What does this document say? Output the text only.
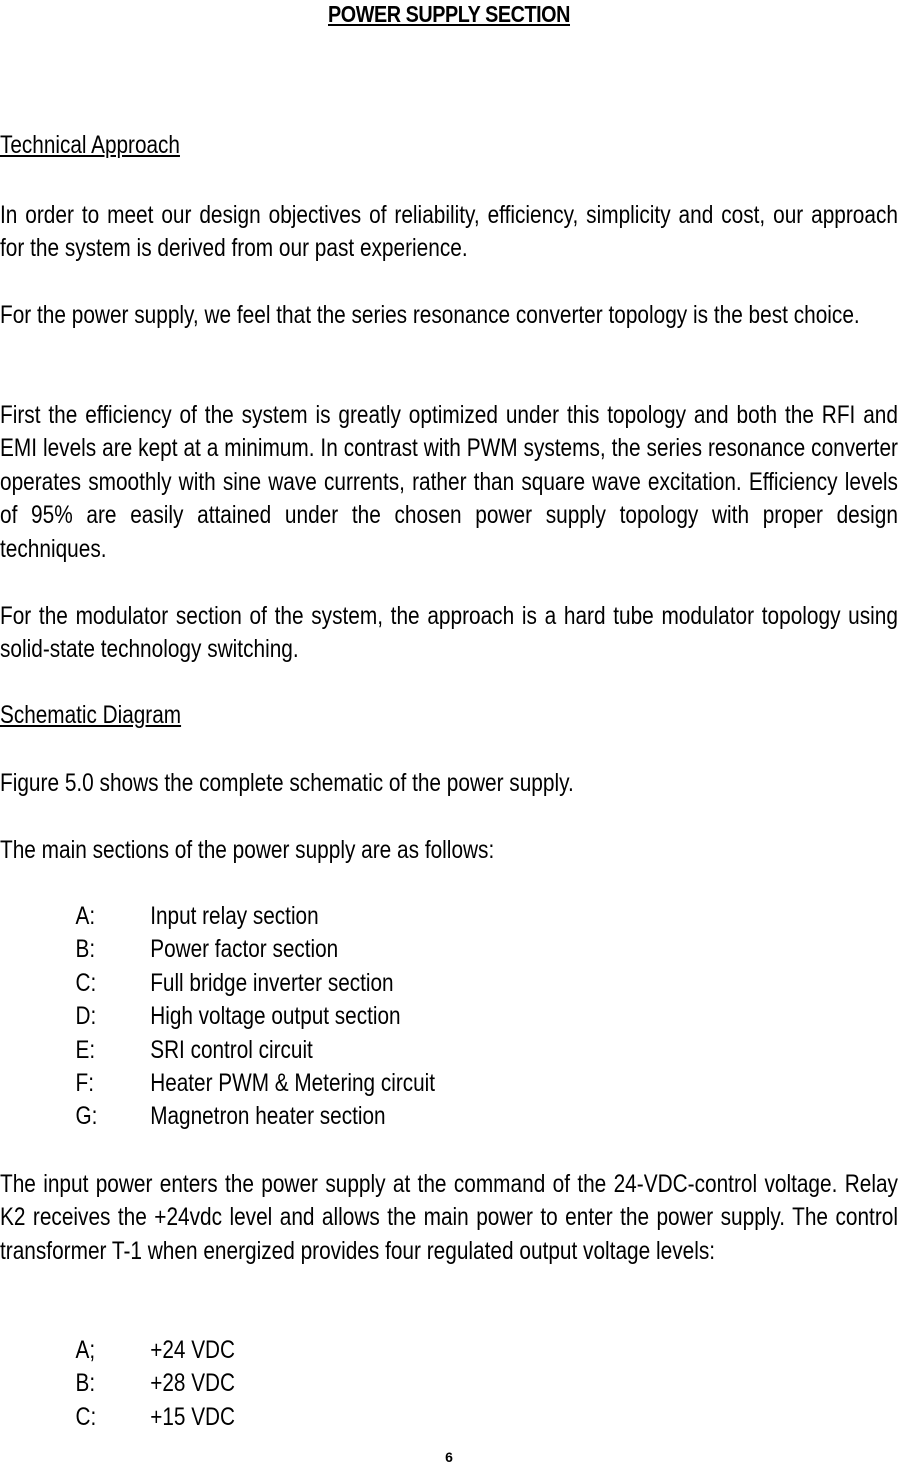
POWER SUPPLY SECTION
Technical Approach
In order to meet our design objectives of reliability, efficiency, simplicity and cost, our approach for the system is derived from our past experience.
For the power supply, we feel that the series resonance converter topology is the best choice.
First the efficiency of the system is greatly optimized under this topology and both the RFI and EMI levels are kept at a minimum. In contrast with PWM systems, the series resonance converter operates smoothly with sine wave currents, rather than square wave excitation. Efficiency levels of 95% are easily attained under the chosen power supply topology with proper design techniques.
For the modulator section of the system, the approach is a hard tube modulator topology using solid-state technology switching.
Schematic Diagram
Figure 5.0 shows the complete schematic of the power supply.
The main sections of the power supply are as follows:
A: Input relay section
B: Power factor section
C: Full bridge inverter section
D: High voltage output section
E: SRI control circuit
F: Heater PWM & Metering circuit
G: Magnetron heater section
The input power enters the power supply at the command of the 24-VDC-control voltage. Relay K2 receives the +24vdc level and allows the main power to enter the power supply. The control transformer T-1 when energized provides four regulated output voltage levels:
A; +24 VDC
B: +28 VDC
C: +15 VDC
6
